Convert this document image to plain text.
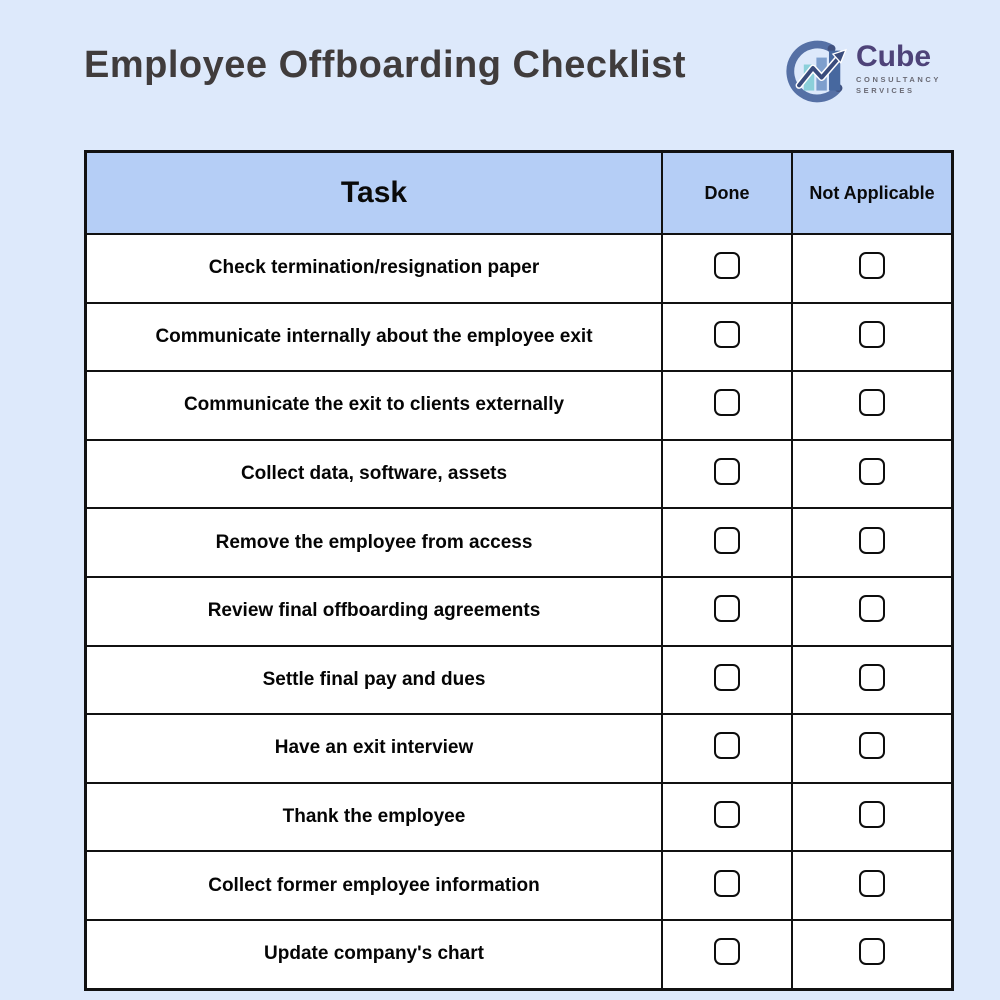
Employee Offboarding Checklist	Cube
CONSULTANCY
SERVICES
Task	Done	Not Applicable
Check termination/resignation paper		
Communicate internally about the employee exit		
Communicate the exit to clients externally		
Collect data, software, assets		
Remove the employee from access		
Review final offboarding agreements		
Settle final pay and dues		
Have an exit interview		
Thank the employee		
Collect former employee information		
Update company's chart		
